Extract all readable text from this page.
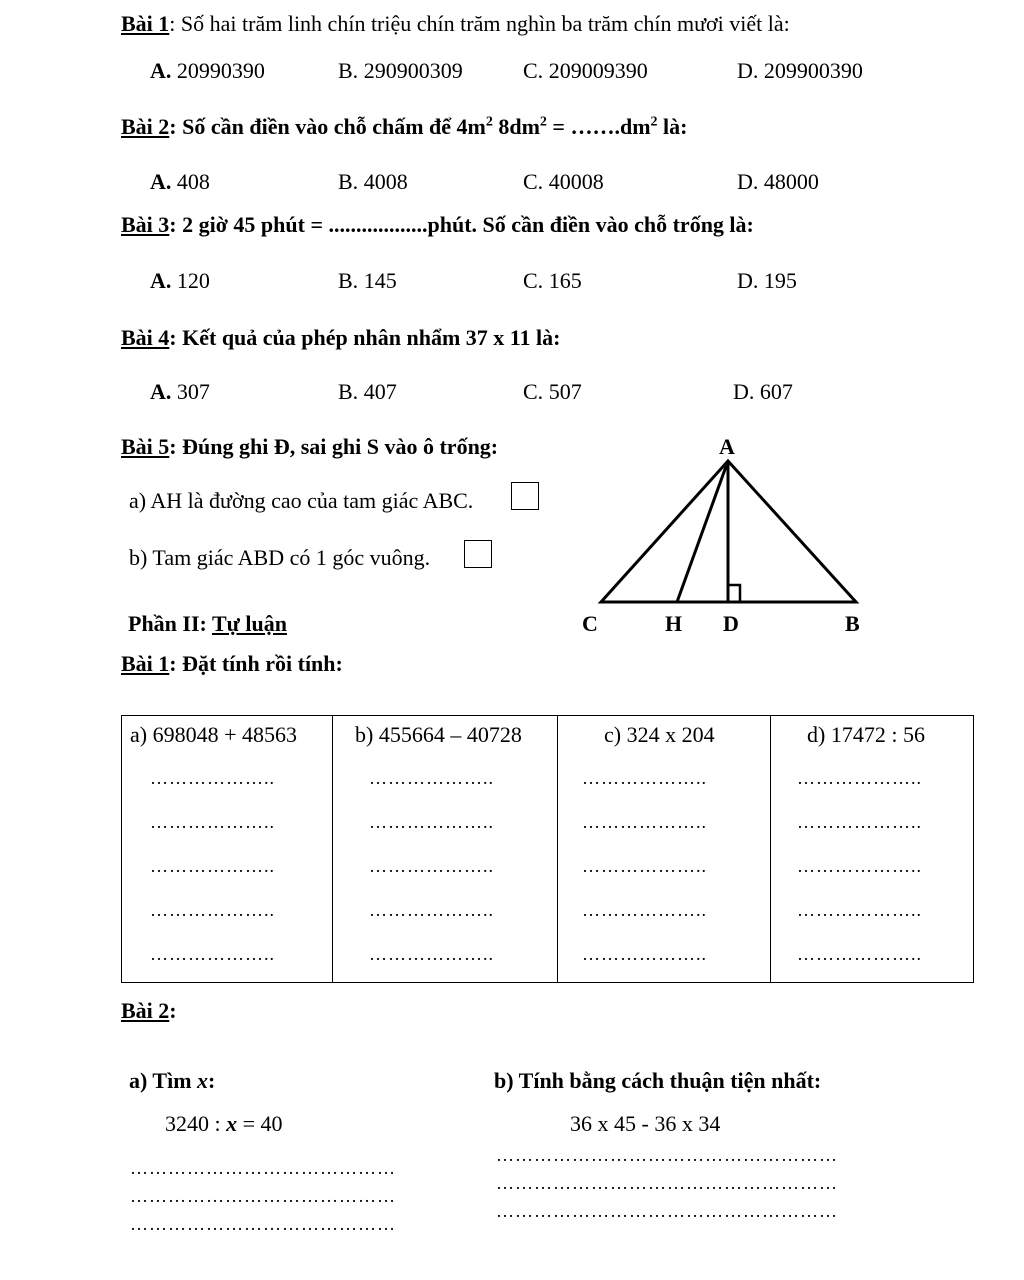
Bài 1: Số hai trăm linh chín triệu chín trăm nghìn ba trăm chín mươi viết là:
A. 20990390	B. 290900309	C. 209009390	D. 209900390
Bài 2: Số cần điền vào chỗ chấm để $4m^2$ $8dm^2$ = $\dots\dots.dm^2$ là:
A. 408	B. 4008	C. 40008	D. 48000
Bài 3: 2 giờ 45 phút = ..................phút. Số cần điền vào chỗ trống là:
A. 120	B. 145	C. 165	D. 195
Bài 4: Kết quả của phép nhân nhẩm 37 x 11 là:
A. 307	B. 407	C. 507	D. 607
Bài 5: Đúng ghi Đ, sai ghi S vào ô trống:
a) AH là đường cao của tam giác ABC.
b) Tam giác ABD có 1 góc vuông.
A
C	H D	B
Phần II: Tự luận
Bài 1: Đặt tính rồi tính:
a) 698048 + 48563
………………..
………………..
………………..
………………..
………………..

b) 455664 – 40728
………………..
………………..
………………..
………………..
………………..

c) 324 x 204
………………..
………………..
………………..
………………..
………………..

d) 17472 : 56
………………..
………………..
………………..
………………..
………………..
Bài 2:
a) Tìm x:
3240 : x = 40
……………………………………
……………………………………
……………………………………
b) Tính bằng cách thuận tiện nhất:
36 x 45 - 36 x 34
………………………………………………
………………………………………………
………………………………………………
